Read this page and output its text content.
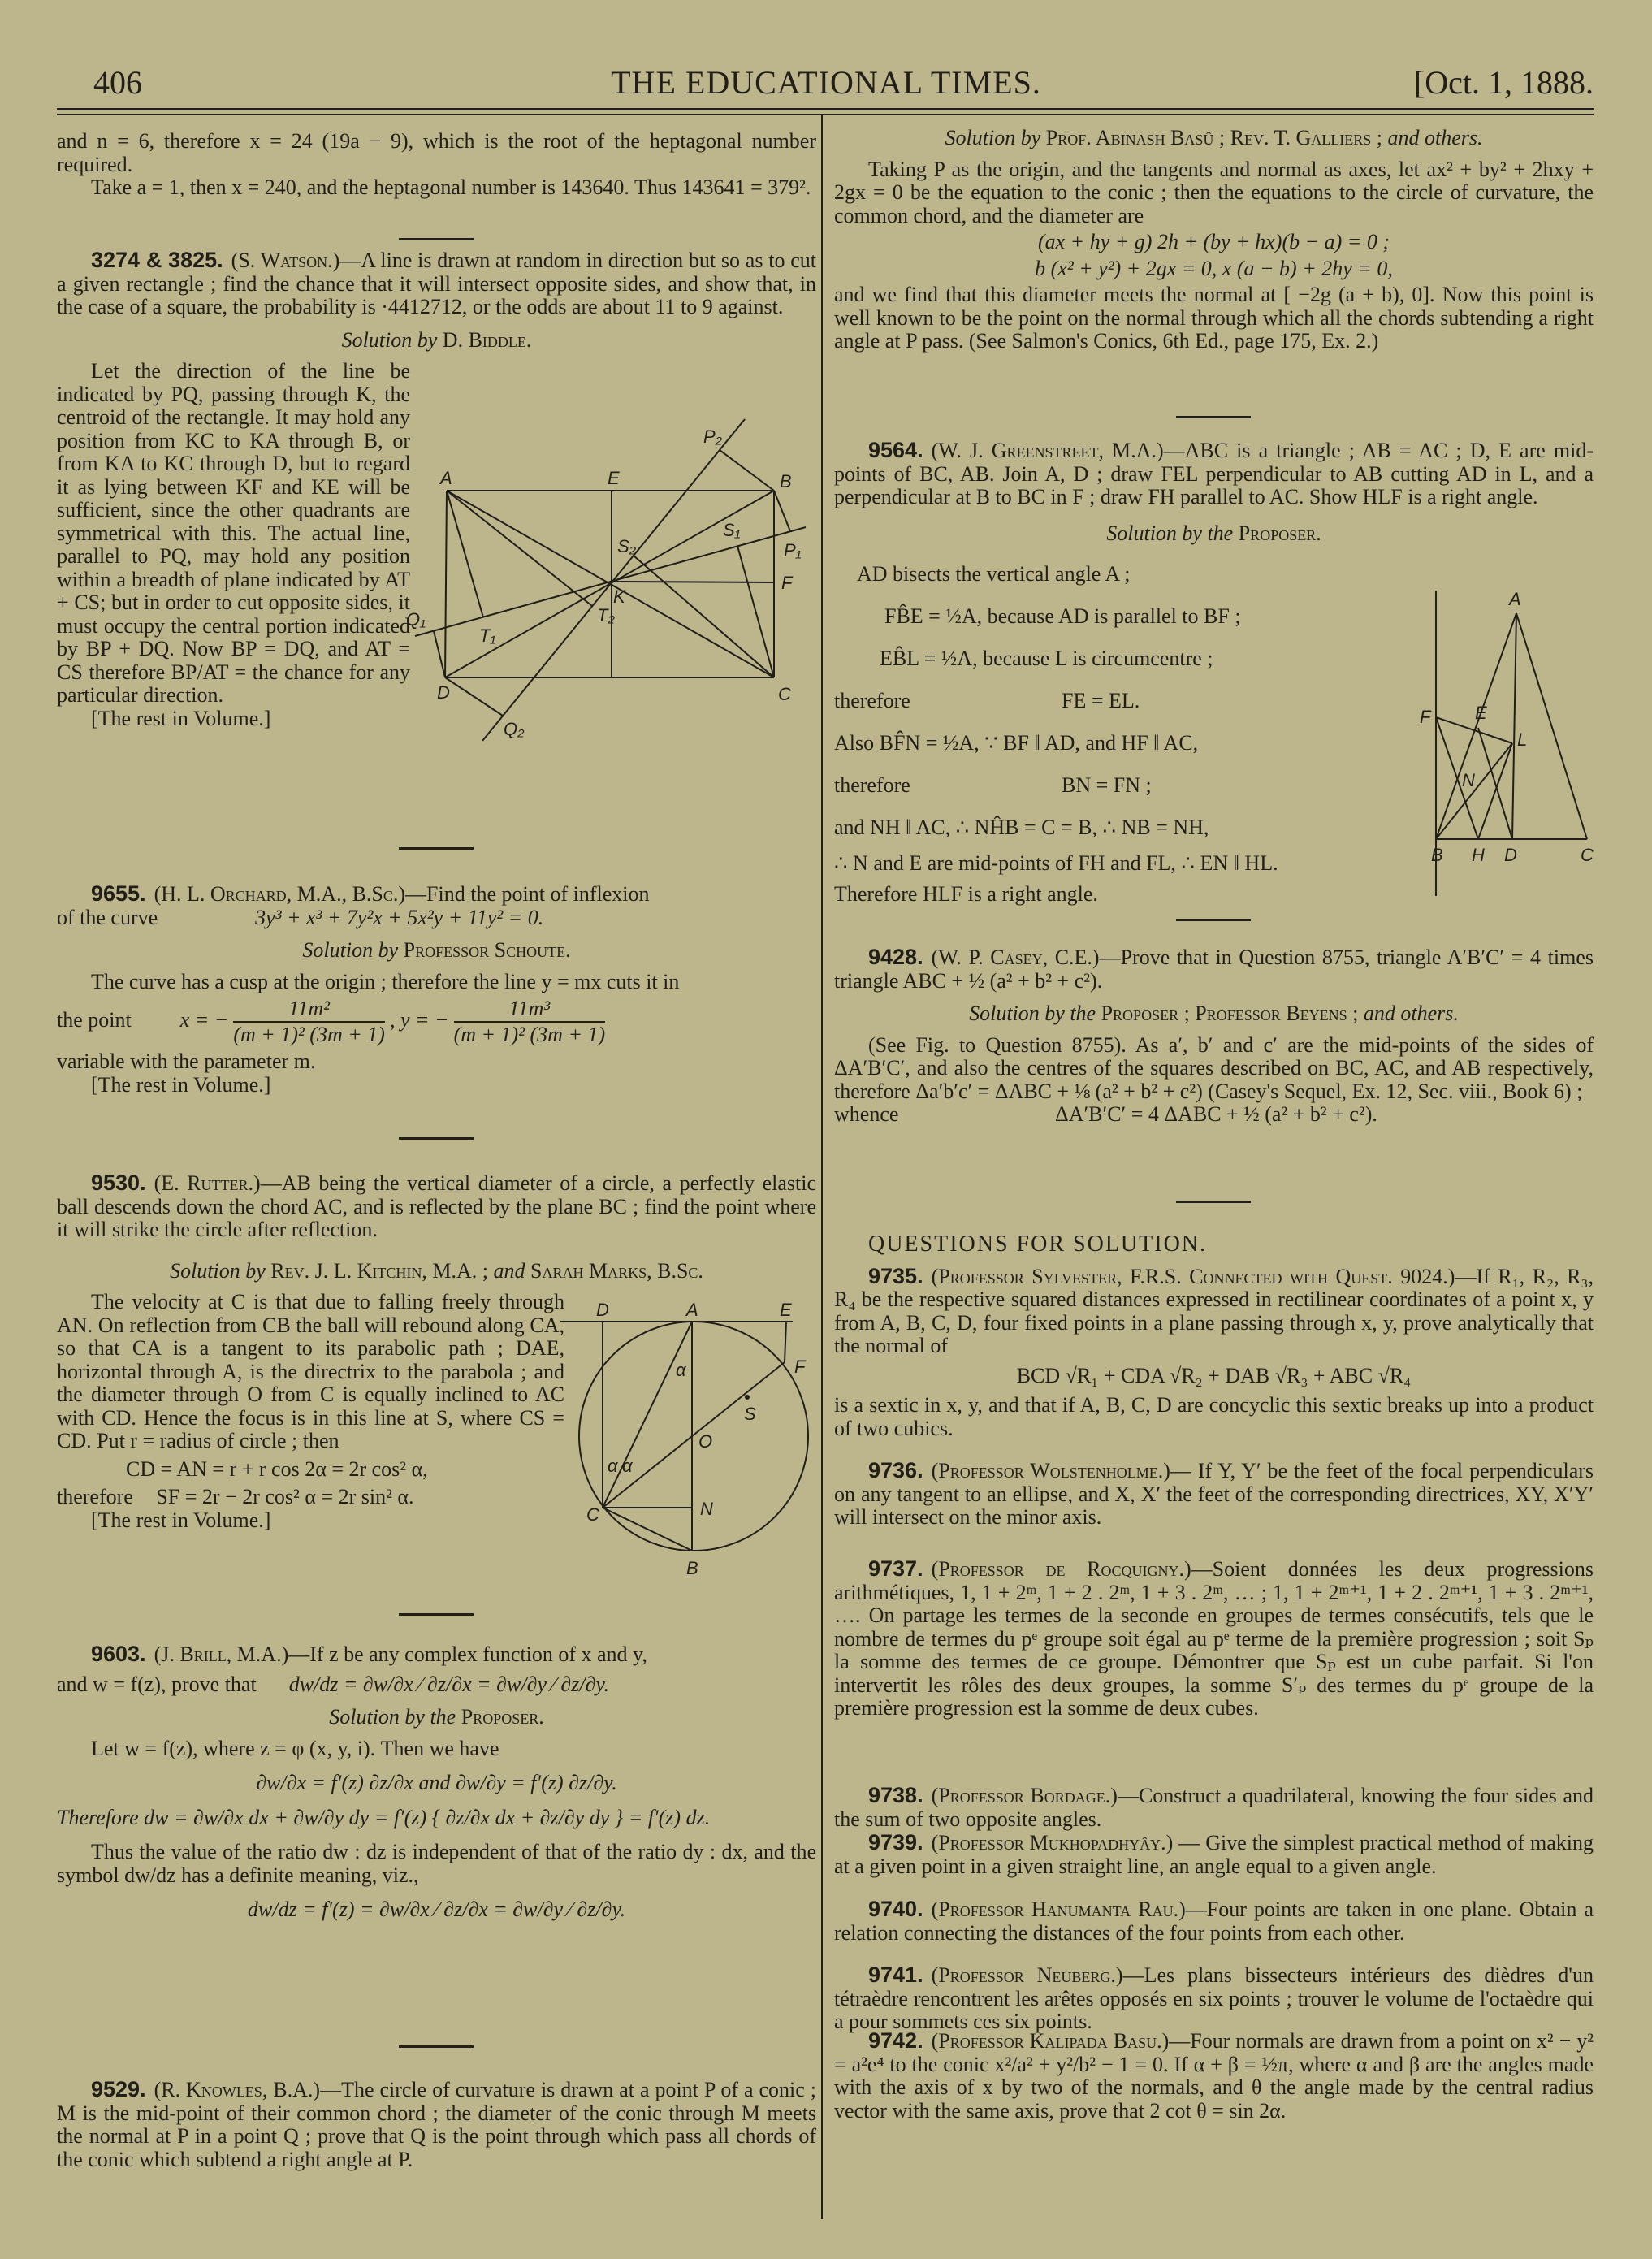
406	THE EDUCATIONAL TIMES.	[Oct. 1, 1888.

and n = 6, therefore x = 24 (19a − 9), which is the root of the heptagonal number required.

Take a = 1, then x = 240, and the heptagonal number is 143640. Thus 143641 = 379².

3274 & 3825. (S. Watson.)—A line is drawn at random in direction but so as to cut a given rectangle ; find the chance that it will intersect opposite sides, and show that, in the case of a square, the probability is ·4412712, or the odds are about 11 to 9 against.

Solution by D. Biddle.

Let the direction of the line be indicated by PQ, passing through K, the centroid of the rectangle. It may hold any position from KC to KA through B, or from KA to KC through D, but to regard it as lying between KF and KE will be sufficient, since the other quadrants are symmetrical with this. The actual line, parallel to PQ, may hold any position within a breadth of plane indicated by AT + CS; but in order to cut opposite sides, it must occupy the central portion indicated by BP + DQ. Now BP = DQ, and AT = CS therefore BP/AT = the chance for any particular direction.

[The rest in Volume.]

9655. (H. L. Orchard, M.A., B.Sc.)—Find the point of inflexion

of the curve	3y³ + x³ + 7y²x + 5x²y + 11y² = 0.

Solution by Professor Schoute.

The curve has a cusp at the origin ; therefore the line y = mx cuts it in

the point x = − $\frac{\text{11m²}}{\text{(m + 1)² (3m + 1)}}$ , y = − $\frac{\text{11m³}}{\text{(m + 1)² (3m + 1)}}$

variable with the parameter m.

[The rest in Volume.]

9530. (E. Rutter.)—AB being the vertical diameter of a circle, a perfectly elastic ball descends down the chord AC, and is reflected by the plane BC ; find the point where it will strike the circle after reflection.

Solution by Rev. J. L. Kitchin, M.A. ; and Sarah Marks, B.Sc.

The velocity at C is that due to falling freely through AN. On reflection from CB the ball will rebound along CA, so that CA is a tangent to its parabolic path ; DAE, horizontal through A, is the directrix to the parabola ; and the diameter through O from C is equally inclined to AC with CD. Hence the focus is in this line at S, where CS = CD. Put r = radius of circle ; then

CD = AN = r + r cos 2α = 2r cos² α,

therefore SF = 2r − 2r cos² α = 2r sin² α.

[The rest in Volume.]

9603. (J. Brill, M.A.)—If z be any complex function of x and y,

and w = f(z), prove that dw/dz = ∂w/∂x ∕ ∂z/∂x = ∂w/∂y ∕ ∂z/∂y.

Solution by the Proposer.

Let w = f(z), where z = φ (x, y, i). Then we have

∂w/∂x = f′(z) ∂z/∂x and ∂w/∂y = f′(z) ∂z/∂y.

Therefore dw = ∂w/∂x dx + ∂w/∂y dy = f′(z) { ∂z/∂x dx + ∂z/∂y dy } = f′(z) dz.

Thus the value of the ratio dw : dz is independent of that of the ratio dy : dx, and the symbol dw/dz has a definite meaning, viz.,

dw/dz = f′(z) = ∂w/∂x ∕ ∂z/∂x = ∂w/∂y ∕ ∂z/∂y.

9529. (R. Knowles, B.A.)—The circle of curvature is drawn at a point P of a conic ; M is the mid-point of their common chord ; the diameter of the conic through M meets the normal at P in a point Q ; prove that Q is the point through which pass all chords of the conic which subtend a right angle at P.

Solution by Prof. Abinash Basû ; Rev. T. Galliers ; and others.

Taking P as the origin, and the tangents and normal as axes, let ax² + by² + 2hxy + 2gx = 0 be the equation to the conic ; then the equations to the circle of curvature, the common chord, and the diameter are

(ax + hy + g) 2h + (by + hx)(b − a) = 0 ;

b (x² + y²) + 2gx = 0, x (a − b) + 2hy = 0,

and we find that this diameter meets the normal at [ −2g (a + b), 0]. Now this point is well known to be the point on the normal through which all the chords subtending a right angle at P pass. (See Salmon's Conics, 6th Ed., page 175, Ex. 2.)

9564. (W. J. Greenstreet, M.A.)—ABC is a triangle ; AB = AC ; D, E are mid-points of BC, AB. Join A, D ; draw FEL perpendicular to AB cutting AD in L, and a perpendicular at B to BC in F ; draw FH parallel to AC. Show HLF is a right angle.

Solution by the Proposer.

AD bisects the vertical angle A ;

FB̂E = ½A, because AD is parallel to BF ;

EB̂L = ½A, because L is circumcentre ;

therefore	FE = EL.

Also BF̂N = ½A, ∵ BF ‖ AD, and HF ‖ AC,

therefore	BN = FN ;

and NH ‖ AC, ∴ NĤB = C = B, ∴ NB = NH,

∴ N and E are mid-points of FH and FL, ∴ EN ‖ HL.

Therefore HLF is a right angle.

9428. (W. P. Casey, C.E.)—Prove that in Question 8755, triangle A′B′C′ = 4 times triangle ABC + ½ (a² + b² + c²).

Solution by the Proposer ; Professor Beyens ; and others.

(See Fig. to Question 8755). As a′, b′ and c′ are the mid-points of the sides of ΔA′B′C′, and also the centres of the squares described on BC, AC, and AB respectively, therefore Δa′b′c′ = ΔABC + ⅛ (a² + b² + c²) (Casey's Sequel, Ex. 12, Sec. viii., Book 6) ;

whence	ΔA′B′C′ = 4 ΔABC + ½ (a² + b² + c²).

QUESTIONS FOR SOLUTION.

9735. (Professor Sylvester, F.R.S. Connected with Quest. 9024.)—If R₁, R₂, R₃, R₄ be the respective squared distances expressed in rectilinear coordinates of a point x, y from A, B, C, D, four fixed points in a plane passing through x, y, prove analytically that the normal of

BCD √R₁ + CDA √R₂ + DAB √R₃ + ABC √R₄

is a sextic in x, y, and that if A, B, C, D are concyclic this sextic breaks up into a product of two cubics.

9736. (Professor Wolstenholme.)— If Y, Y′ be the feet of the focal perpendiculars on any tangent to an ellipse, and X, X′ the feet of the corresponding directrices, XY, X′Y′ will intersect on the minor axis.

9737. (Professor de Rocquigny.)—Soient données les deux progressions arithmétiques, 1, 1 + 2ᵐ, 1 + 2 . 2ᵐ, 1 + 3 . 2ᵐ, … ; 1, 1 + 2ᵐ⁺¹, 1 + 2 . 2ᵐ⁺¹, 1 + 3 . 2ᵐ⁺¹, …. On partage les termes de la seconde en groupes de termes consécutifs, tels que le nombre de termes du pᵉ groupe soit égal au pᵉ terme de la première progression ; soit Sₚ la somme des termes de ce groupe. Démontrer que Sₚ est un cube parfait. Si l'on intervertit les rôles des deux groupes, la somme S′ₚ des termes du pᵉ groupe de la première progression est la somme de deux cubes.

9738. (Professor Bordage.)—Construct a quadrilateral, knowing the four sides and the sum of two opposite angles.

9739. (Professor Mukhopadhyây.) — Give the simplest practical method of making at a given point in a given straight line, an angle equal to a given angle.

9740. (Professor Hanumanta Rau.)—Four points are taken in one plane. Obtain a relation connecting the distances of the four points from each other.

9741. (Professor Neuberg.)—Les plans bissecteurs intérieurs des dièdres d'un tétraèdre rencontrent les arêtes opposés en six points ; trouver le volume de l'octaèdre qui a pour sommets ces six points.

9742. (Professor Kalipada Basu.)—Four normals are drawn from a point on x² − y² = a²e⁴ to the conic x²/a² + y²/b² − 1 = 0. If α + β = ½π, where α and β are the angles made with the axis of x by two of the normals, and θ the angle made by the central radius vector with the same axis, prove that 2 cot θ = sin 2α.

A	E	B
P₂
P₁
S₂
S₁
F
K
Q₁
T₁
T₂
D	C
Q₂
D	A	E
F
α
S
O
α α
N
C
B
A
F E
L
N
B H D	C
